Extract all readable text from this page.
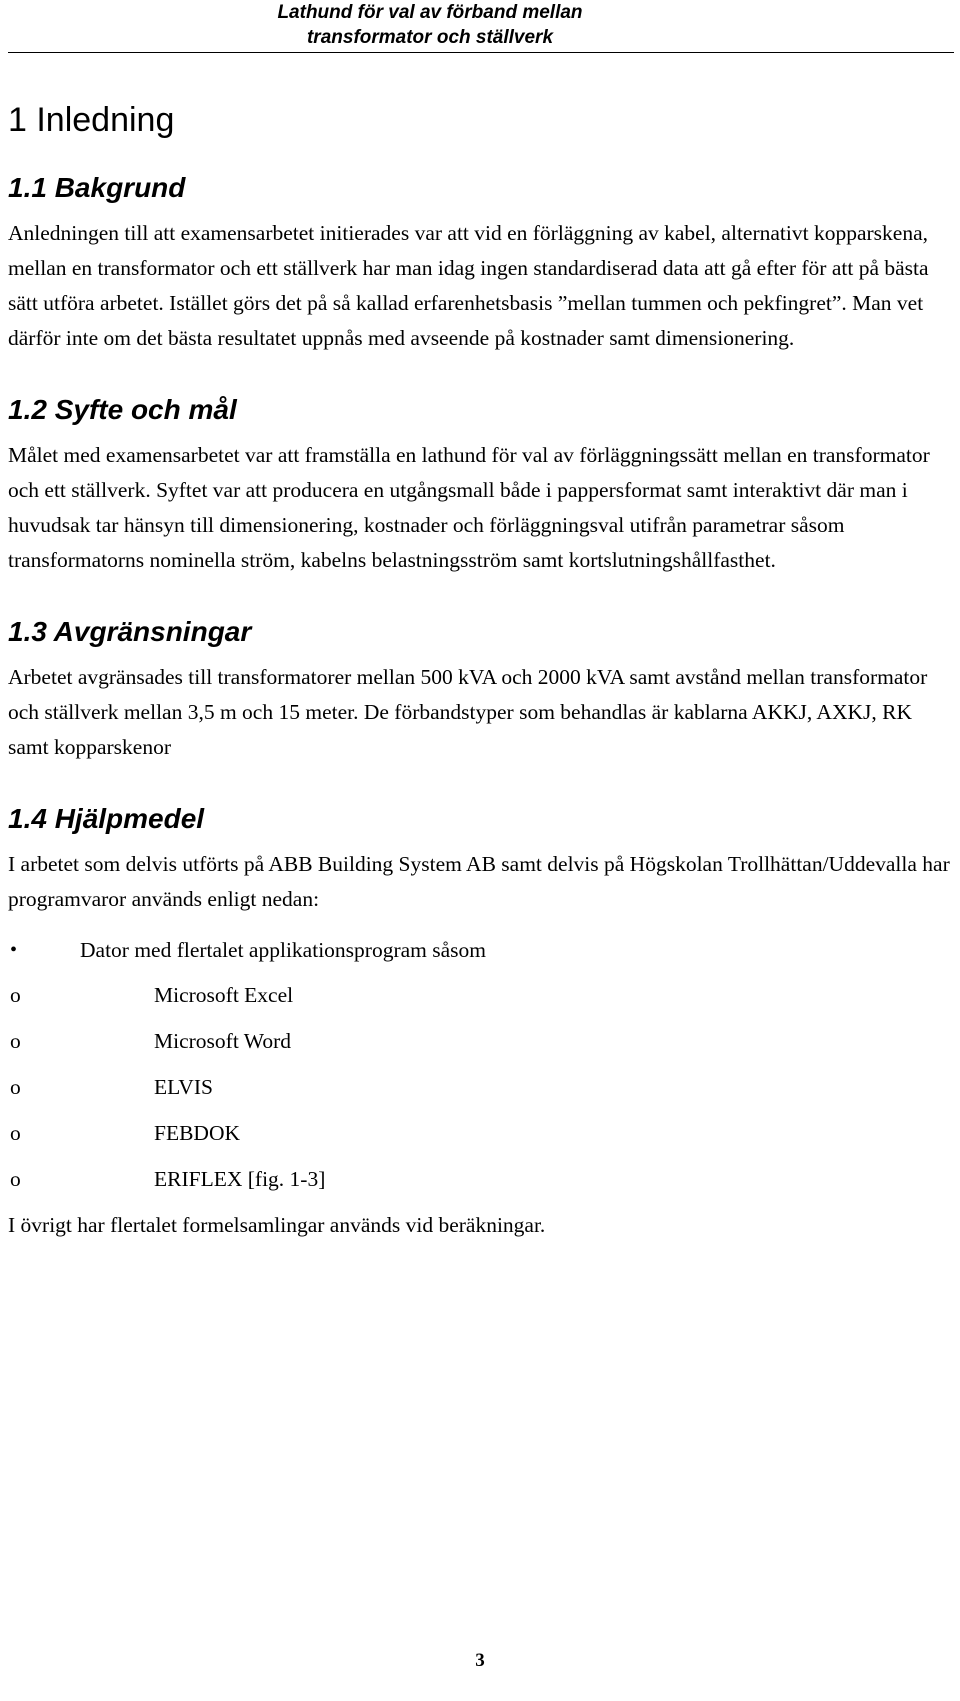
Lathund för val av förband mellan
transformator och ställverk
1 Inledning
1.1 Bakgrund

Anledningen till att examensarbetet initierades var att vid en förläggning av kabel, alternativt kopparskena, mellan en transformator och ett ställverk har man idag ingen standardiserad data att gå efter för att på bästa sätt utföra arbetet. Istället görs det på så kallad erfarenhetsbasis ”mellan tummen och pekfingret”. Man vet därför inte om det bästa resultatet uppnås med avseende på kostnader samt dimensionering.

1.2 Syfte och mål

Målet med examensarbetet var att framställa en lathund för val av förläggningssätt mellan en transformator och ett ställverk. Syftet var att producera en utgångsmall både i pappersformat samt interaktivt där man i huvudsak tar hänsyn till dimensionering, kostnader och förläggningsval utifrån parametrar såsom transformatorns nominella ström, kabelns belastningsström samt kortslutningshållfasthet.

1.3 Avgränsningar

Arbetet avgränsades till transformatorer mellan 500 kVA och 2000 kVA samt avstånd mellan transformator och ställverk mellan 3,5 m och 15 meter. De förbandstyper som behandlas är kablarna AKKJ, AXKJ, RK samt kopparskenor

1.4 Hjälpmedel

I arbetet som delvis utförts på ABB Building System AB samt delvis på Högskolan Trollhättan/Uddevalla har programvaror används enligt nedan:

•	Dator med flertalet applikationsprogram såsom
o	Microsoft Excel
o	Microsoft Word
o	ELVIS
o	FEBDOK
o	ERIFLEX [fig. 1-3]

I övrigt har flertalet formelsamlingar används vid beräkningar.

3
